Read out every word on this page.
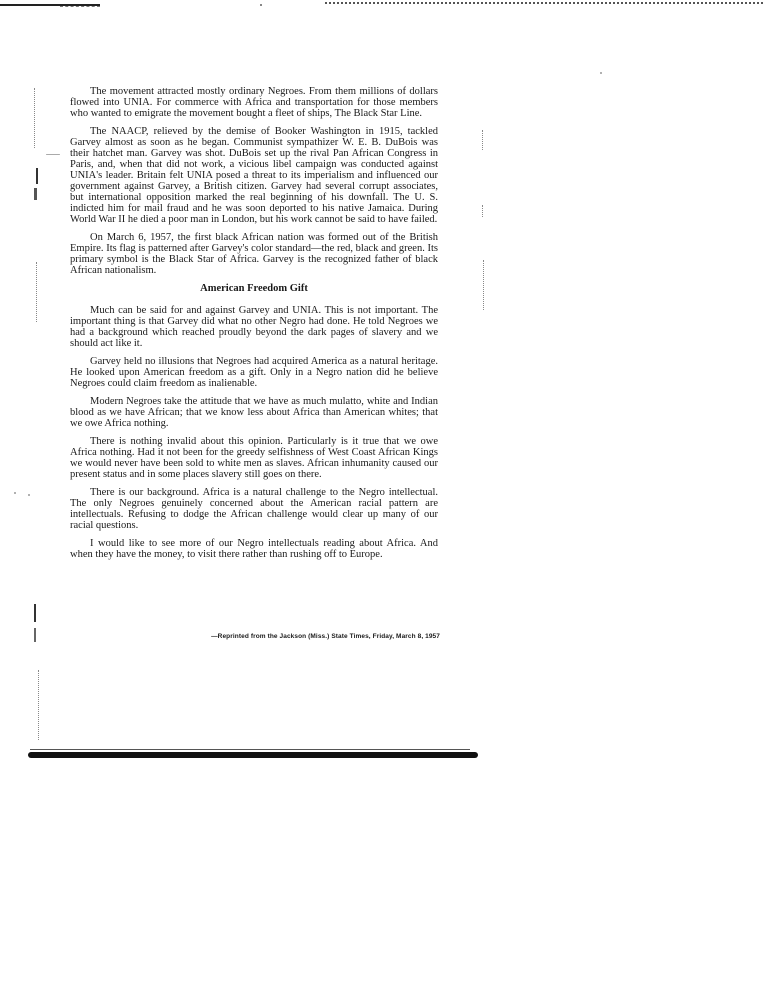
The movement attracted mostly ordinary Negroes. From them millions of dollars flowed into UNIA. For commerce with Africa and transportation for those members who wanted to emigrate the movement bought a fleet of ships, The Black Star Line.

The NAACP, relieved by the demise of Booker Washington in 1915, tackled Garvey almost as soon as he began. Communist sympathizer W. E. B. DuBois was their hatchet man. Garvey was shot. DuBois set up the rival Pan African Congress in Paris, and, when that did not work, a vicious libel campaign was conducted against UNIA's leader. Britain felt UNIA posed a threat to its imperialism and influenced our government against Garvey, a British citizen. Garvey had several corrupt associates, but international opposition marked the real beginning of his downfall. The U. S. indicted him for mail fraud and he was soon deported to his native Jamaica. During World War II he died a poor man in London, but his work cannot be said to have failed.

On March 6, 1957, the first black African nation was formed out of the British Empire. Its flag is patterned after Garvey's color standard—the red, black and green. Its primary symbol is the Black Star of Africa. Garvey is the recognized father of black African nationalism.

American Freedom Gift

Much can be said for and against Garvey and UNIA. This is not important. The important thing is that Garvey did what no other Negro had done. He told Negroes we had a background which reached proudly beyond the dark pages of slavery and we should act like it.

Garvey held no illusions that Negroes had acquired America as a natural heritage. He looked upon American freedom as a gift. Only in a Negro nation did he believe Negroes could claim freedom as inalienable.

Modern Negroes take the attitude that we have as much mulatto, white and Indian blood as we have African; that we know less about Africa than American whites; that we owe Africa nothing.

There is nothing invalid about this opinion. Particularly is it true that we owe Africa nothing. Had it not been for the greedy selfishness of West Coast African Kings we would never have been sold to white men as slaves. African inhumanity caused our present status and in some places slavery still goes on there.

There is our background. Africa is a natural challenge to the Negro intellectual. The only Negroes genuinely concerned about the American racial pattern are intellectuals. Refusing to dodge the African challenge would clear up many of our racial questions.

I would like to see more of our Negro intellectuals reading about Africa. And when they have the money, to visit there rather than rushing off to Europe.

—Reprinted from the Jackson (Miss.) State Times, Friday, March 8, 1957
